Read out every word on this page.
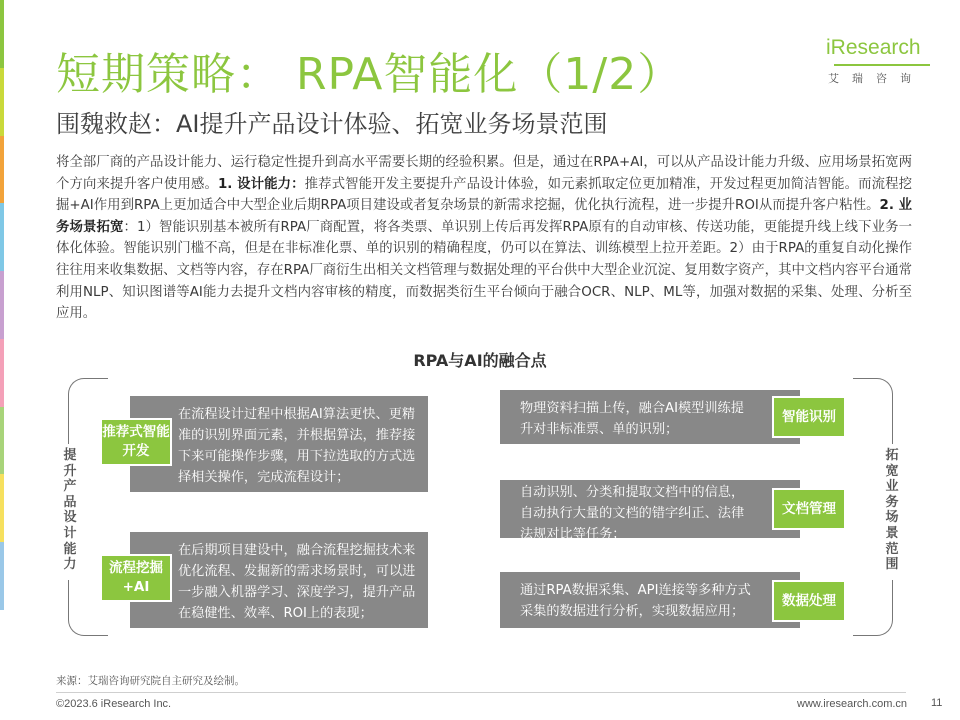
短期策略： RPA智能化（1/2）
围魏救赵：AI提升产品设计体验、拓宽业务场景范围
iResearch
艾瑞咨询
将全部厂商的产品设计能力、运行稳定性提升到高水平需要长期的经验积累。但是，通过在RPA+AI，可以从产品设计能力升级、应用场景拓宽两个方向来提升客户使用感。1. 设计能力：推荐式智能开发主要提升产品设计体验，如元素抓取定位更加精准，开发过程更加简洁智能。而流程挖掘+AI作用到RPA上更加适合中大型企业后期RPA项目建设或者复杂场景的新需求挖掘，优化执行流程，进一步提升ROI从而提升客户粘性。2. 业务场景拓宽：1）智能识别基本被所有RPA厂商配置，将各类票、单识别上传后再发挥RPA原有的自动审核、传送功能，更能提升线上线下业务一体化体验。智能识别门槛不高，但是在非标准化票、单的识别的精确程度，仍可以在算法、训练模型上拉开差距。2）由于RPA的重复自动化操作往往用来收集数据、文档等内容，存在RPA厂商衍生出相关文档管理与数据处理的平台供中大型企业沉淀、复用数字资产，其中文档内容平台通常利用NLP、知识图谱等AI能力去提升文档内容审核的精度，而数据类衍生平台倾向于融合OCR、NLP、ML等，加强对数据的采集、处理、分析至应用。
RPA与AI的融合点
提升产品设计能力
拓宽业务场景范围
在流程设计过程中根据AI算法更快、更精准的识别界面元素，并根据算法，推荐接下来可能操作步骤，用下拉选取的方式选择相关操作，完成流程设计；
推荐式智能开发
在后期项目建设中，融合流程挖掘技术来优化流程、发掘新的需求场景时，可以进一步融入机器学习、深度学习，提升产品在稳健性、效率、ROI上的表现；
流程挖掘+AI
物理资料扫描上传，融合AI模型训练提升对非标准票、单的识别；
智能识别
自动识别、分类和提取文档中的信息，自动执行大量的文档的错字纠正、法律法规对比等任务；
文档管理
通过RPA数据采集、API连接等多种方式采集的数据进行分析，实现数据应用；
数据处理
来源：艾瑞咨询研究院自主研究及绘制。
©2023.6 iResearch Inc.	www.iresearch.com.cn 11
